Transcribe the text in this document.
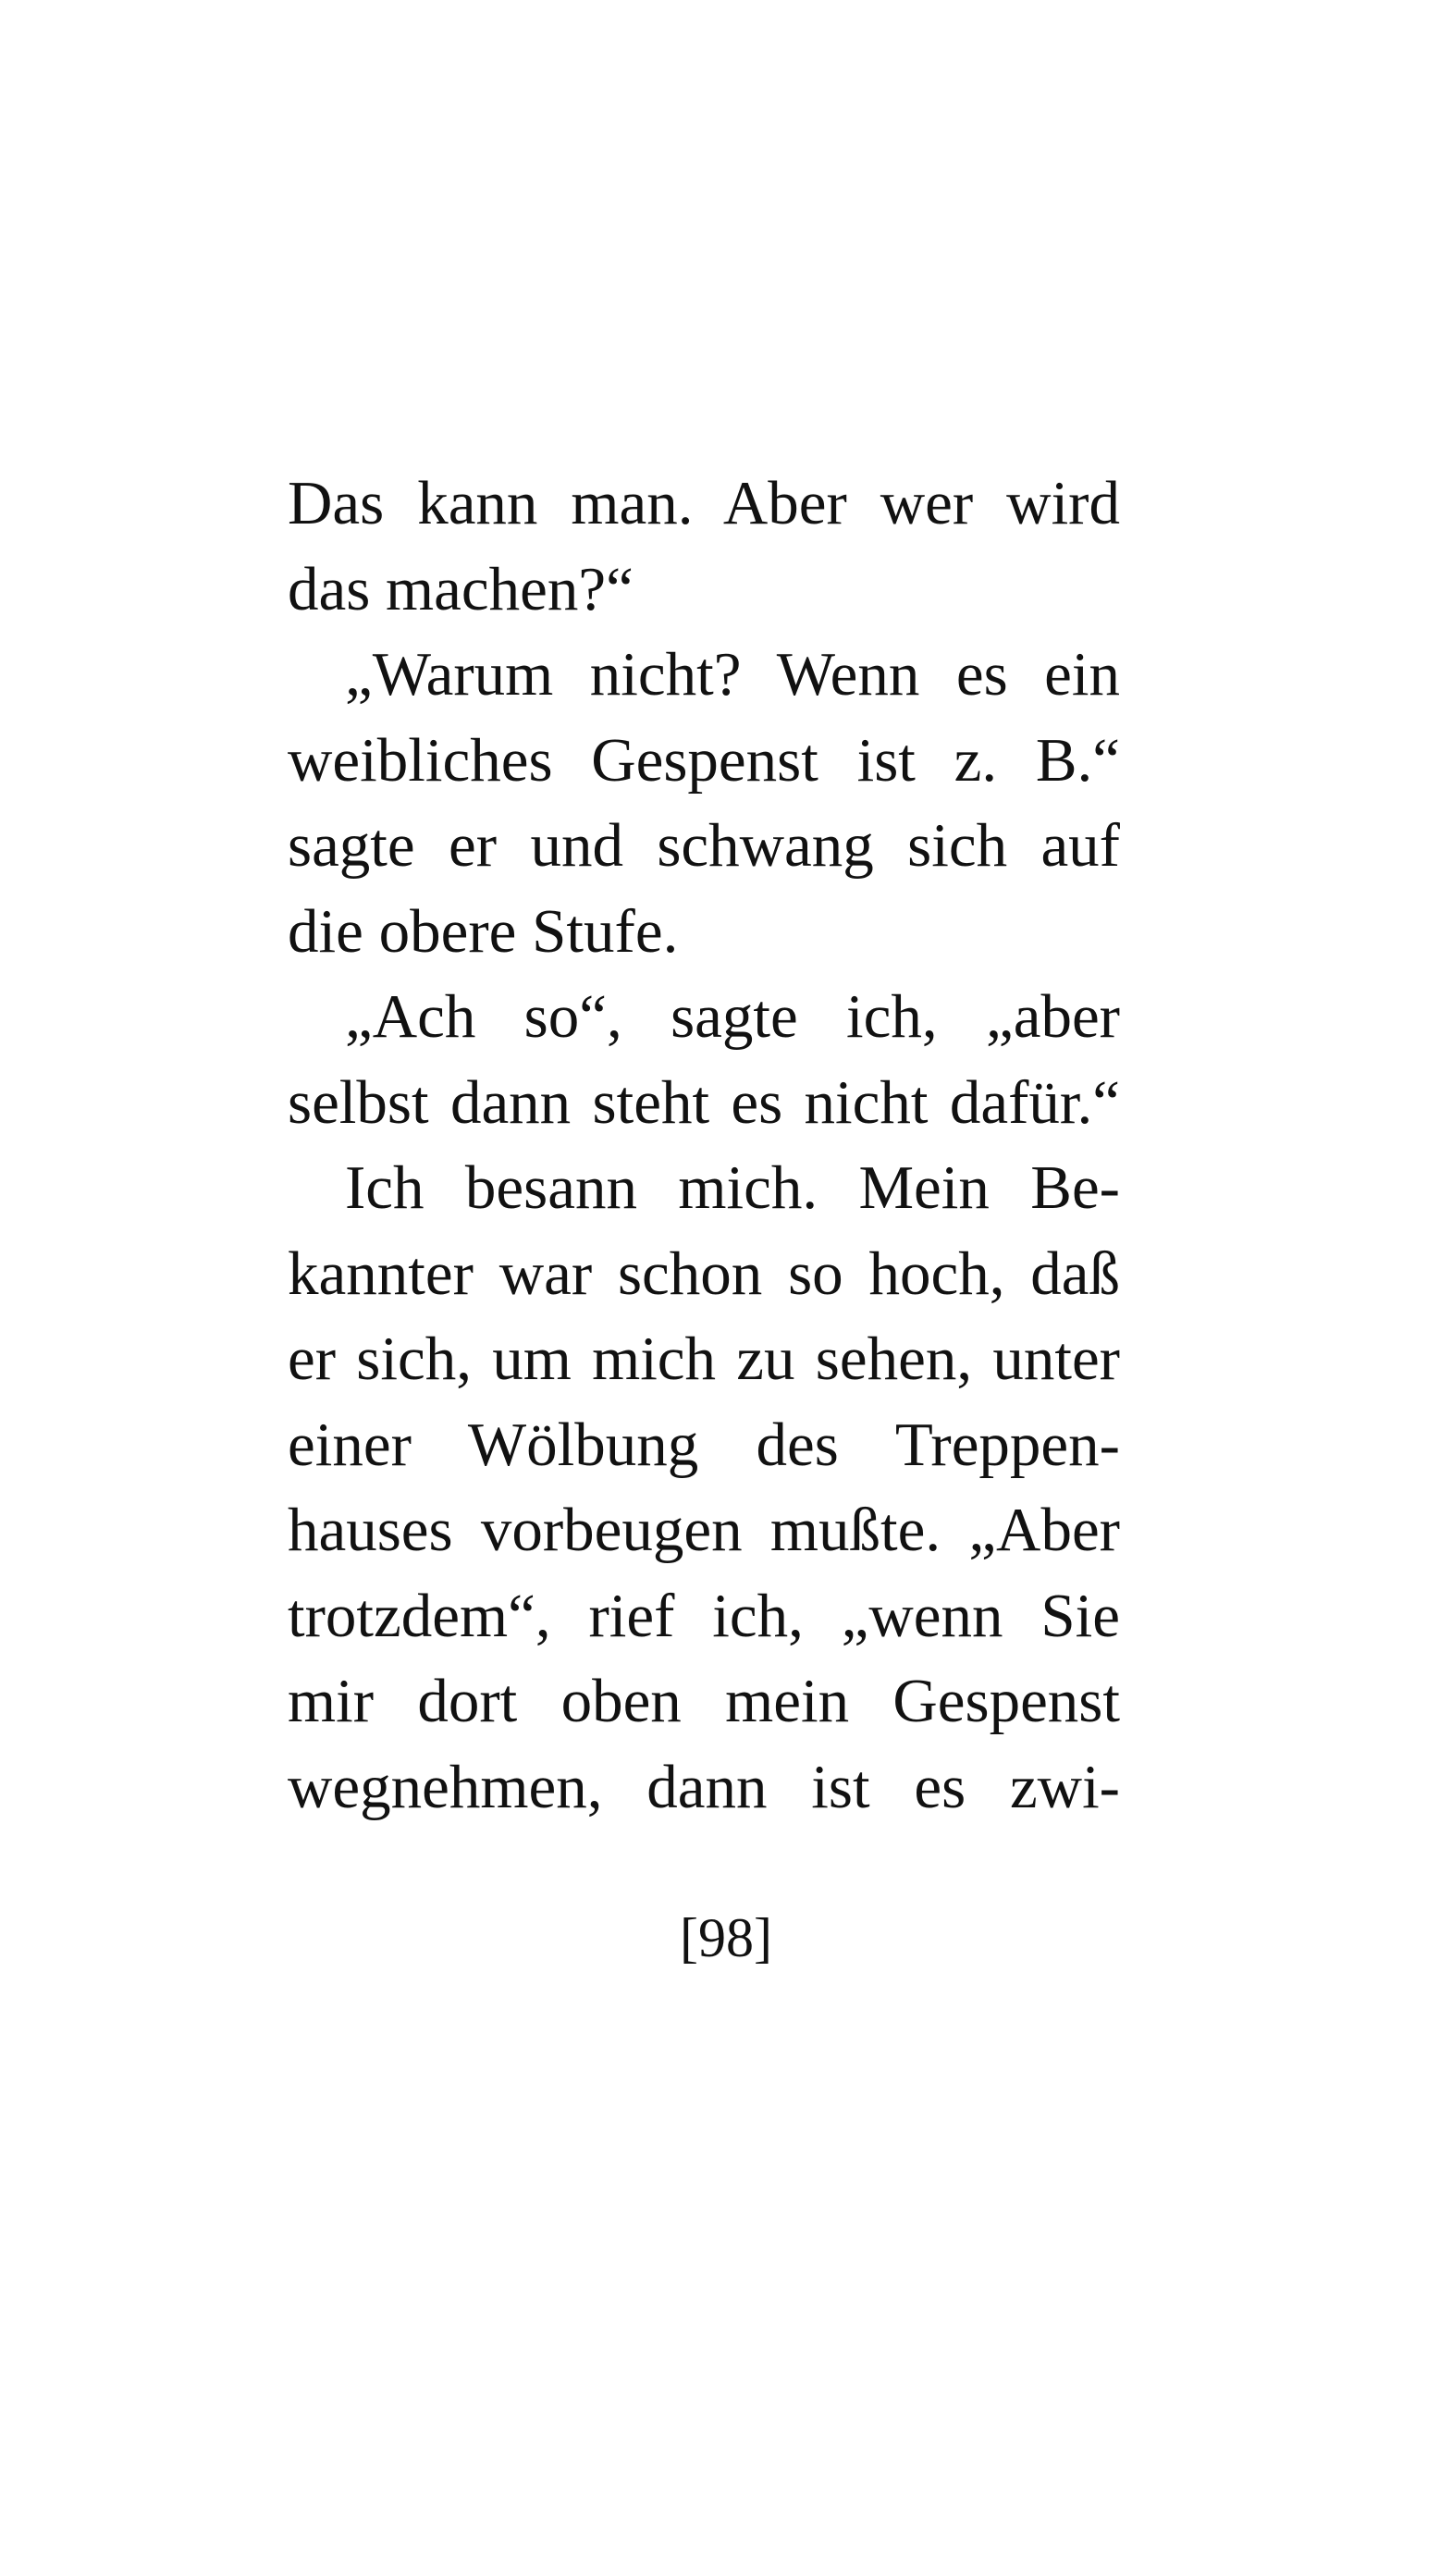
Das kann man. Aber wer wird
das machen?“
„Warum nicht? Wenn es ein
weibliches Gespenst ist z. B.“
sagte er und schwang sich auf
die obere Stufe.
„Ach so“, sagte ich, „aber
selbst dann steht es nicht dafür.“
Ich besann mich. Mein Be-
kannter war schon so hoch, daß
er sich, um mich zu sehen, unter
einer Wölbung des Treppen-
hauses vorbeugen mußte. „Aber
trotzdem“, rief ich, „wenn Sie
mir dort oben mein Gespenst
wegnehmen, dann ist es zwi-
[98]
